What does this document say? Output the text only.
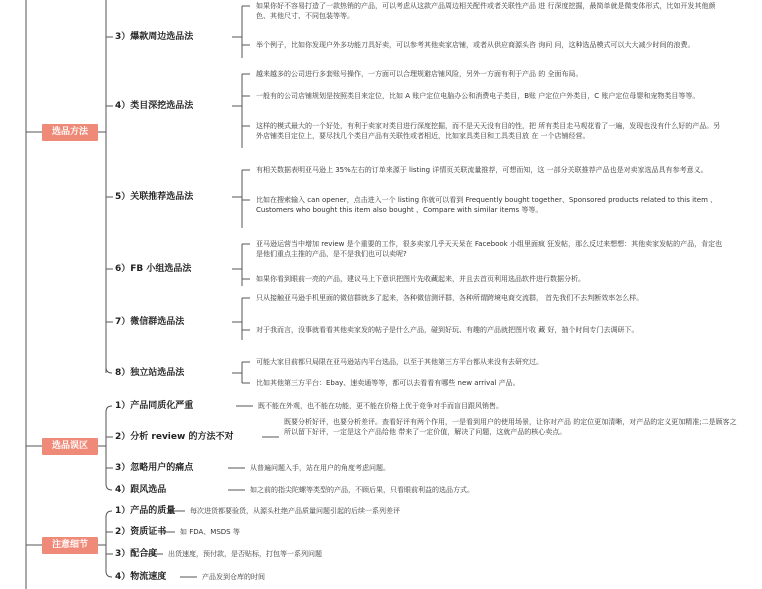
选品方法
选品误区
注意细节
3）爆款周边选品法
如果你好不容易打造了一款热销的产品，可以考虑从这款产品周边相关配件或者关联性产品 进 行深度挖掘，最简单就是微变体形式，比如开发其他颜色、其他尺寸、不同包装等等。
举个例子，比如你发现户外多功能刀具好卖，可以参考其他卖家店铺，或者从供应商源头咨 询问 问，这种选品模式可以大大减少时间的浪费。
4）类目深挖选品法
越来越多的公司进行多套账号操作，一方面可以合理规避店铺风险，另外一方面有利于产品 的 全面布局。
一般有的公司店铺规划是按照类目来定位，比如 A 账户定位电脑办公和消费电子类目，B账 户定位户外类目，C 账户定位母婴和宠物类目等等。
这样的模式最大的一个好处，有利于卖家对类目进行深度挖掘，而不是天天没有目的性，把 所有类目走马观花看了一遍，发现也没有什么好的产品。另外店铺类目定位上，要尽找几个类目产品有关联性或者相近，比如家具类目和工具类目放 在 一个店铺经营。
5）关联推荐选品法
有相关数据表明亚马逊上 35%左右的订单来源于 listing 详情页关联流量推荐，可想而知，这 一部分关联推荐产品也是对卖家选品具有参考意义。
比如在搜索输入 can opener，点击进入一个 listing 你就可以看到 Frequently bought together、Sponsored products related to this item 、Customers who bought this item also bought 、Compare with similar items 等等。
6）FB 小组选品法
亚马逊运营当中增加 review 是个重要的工作，很多卖家几乎天天呆在 Facebook 小组里面疯 狂发帖，那么反过来想想：其他卖家发帖的产品，肯定也是他们重点主推的产品，是不是我们也可以卖呢?
如果你看到眼前一亮的产品，建议马上下意识把图片先收藏起来，并且去首页利用选品软件进行数据分析。
7）微信群选品法
只从接触亚马逊手机里面的微信群就多了起来，各种微信测评群，各种所谓跨境电商交流群， 首先我们不去判断效率怎么样。
对于我而言，没事就看看其他卖家发的帖子是什么产品，碰到好玩、有趣的产品就把图片收 藏 好，抽个时间专门去调研下。
8）独立站选品法
可能大家目前都只局限在亚马逊站内平台选品，以至于其他第三方平台都从来没有去研究过。
比如其他第三方平台：Ebay、速卖通等等，都可以去看看有哪些 new arrival 产品。
1）产品同质化严重	既不能在外观，也不能在功能，更不能在价格上优于竞争对手而盲目跟风销售。
2）分析 review 的方法不对
既要分析好评，也要分析差评。查看好评有两个作用，一是看到用户的使用场景，让你对产品 的定位更加清晰，对产品的定义更加精准;二是顾客之所以留下好评，一定是这个产品给他 带来了一定价值，解决了问题，这就产品的核心卖点。
3）忽略用户的痛点	从普遍问题入手，站在用户的角度考虑问题。
4）跟风选品	如之前的指尖陀螺等类型的产品，不顾后果，只看眼前利益的选品方式。
1）产品的质量 每次进货都要验货，从源头杜绝产品质量问题引起的后续一系列差评
2）资质证书 如 FDA、MSDS 等
3）配合度 出货速度，预付款，是否贴标，打包等一系列问题
4）物流速度	产品发到仓库的时间
